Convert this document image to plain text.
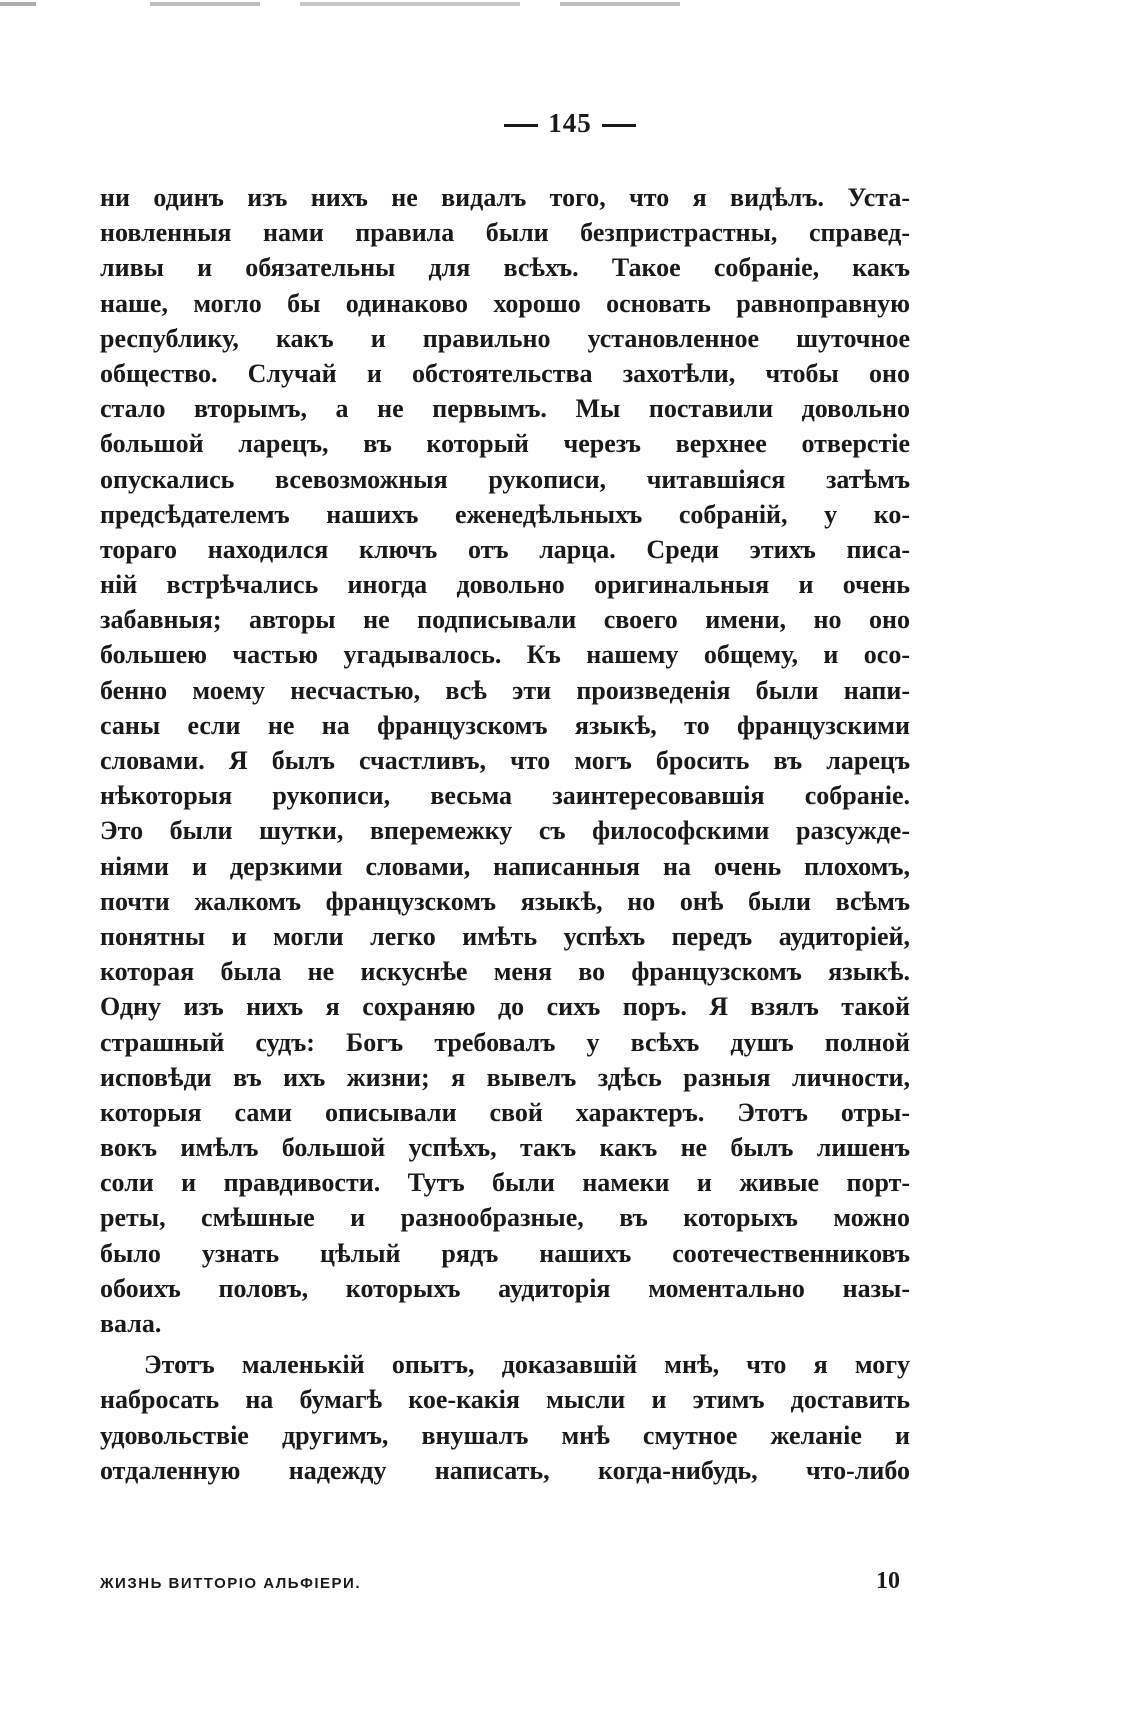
145
ни одинъ изъ нихъ не видалъ того, что я видѣлъ. Уста-
новленныя нами правила были безпристрастны, справед-
ливы и обязательны для всѣхъ. Такое собраніе, какъ
наше, могло бы одинаково хорошо основать равноправную
республику, какъ и правильно установленное шуточное
общество. Случай и обстоятельства захотѣли, чтобы оно
стало вторымъ, а не первымъ. Мы поставили довольно
большой ларецъ, въ который черезъ верхнее отверстіе
опускались всевозможныя рукописи, читавшіяся затѣмъ
предсѣдателемъ нашихъ еженедѣльныхъ собраній, у ко-
тораго находился ключъ отъ ларца. Среди этихъ писа-
ній встрѣчались иногда довольно оригинальныя и очень
забавныя; авторы не подписывали своего имени, но оно
большею частью угадывалось. Къ нашему общему, и осо-
бенно моему несчастью, всѣ эти произведенія были напи-
саны если не на французскомъ языкѣ, то французскими
словами. Я былъ счастливъ, что могъ бросить въ ларецъ
нѣкоторыя рукописи, весьма заинтересовавшія собраніе.
Это были шутки, вперемежку съ философскими разсужде-
ніями и дерзкими словами, написанныя на очень плохомъ,
почти жалкомъ французскомъ языкѣ, но онѣ были всѣмъ
понятны и могли легко имѣть успѣхъ передъ аудиторіей,
которая была не искуснѣе меня во французскомъ языкѣ.
Одну изъ нихъ я сохраняю до сихъ поръ. Я взялъ такой
страшный судъ: Богъ требовалъ у всѣхъ душъ полной
исповѣди въ ихъ жизни; я вывелъ здѣсь разныя личности,
которыя сами описывали свой характеръ. Этотъ отры-
вокъ имѣлъ большой успѣхъ, такъ какъ не былъ лишенъ
соли и правдивости. Тутъ были намеки и живые порт-
реты, смѣшные и разнообразные, въ которыхъ можно
было узнать цѣлый рядъ нашихъ соотечественниковъ
обоихъ половъ, которыхъ аудиторія моментально назы-
вала.
Этотъ маленькій опытъ, доказавшій мнѣ, что я могу
набросать на бумагѣ кое-какія мысли и этимъ доставить
удовольствіе другимъ, внушалъ мнѣ смутное желаніе и
отдаленную надежду написать, когда-нибудь, что-либо
ЖИЗНЬ ВИТТОРІО АЛЬФІЕРИ.	10
